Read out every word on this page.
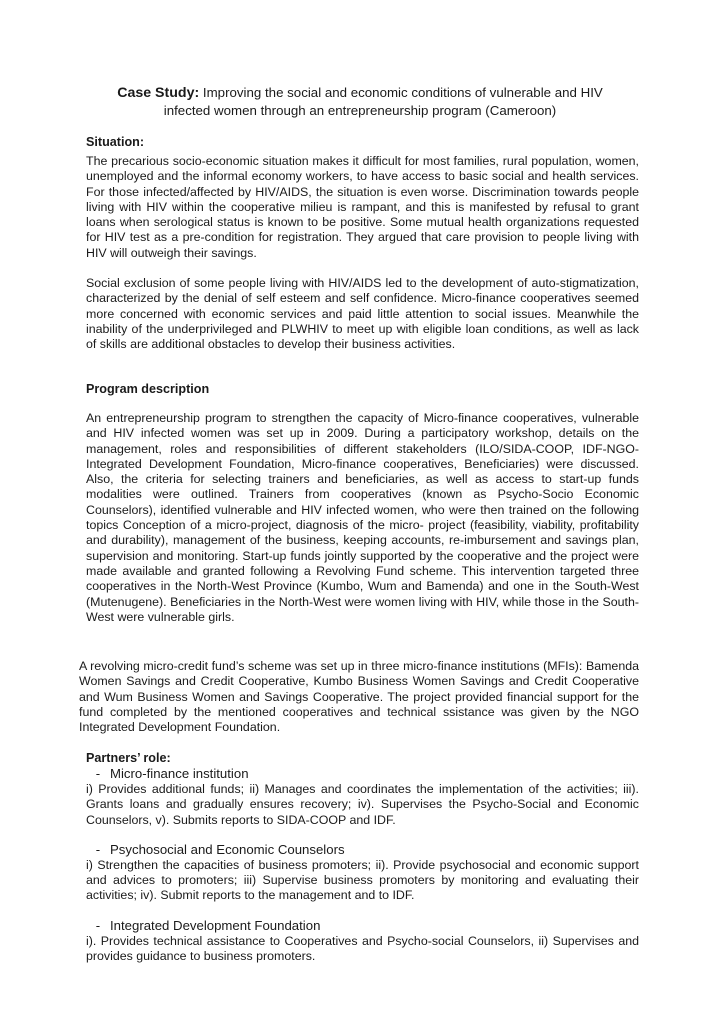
Case Study: Improving the social and economic conditions of vulnerable and HIV
infected women through an entrepreneurship program (Cameroon)
Situation:

The precarious socio-economic situation makes it difficult for most families, rural population, women, unemployed and the informal economy workers, to have access to basic social and health services. For those infected/affected by HIV/AIDS, the situation is even worse. Discrimination towards people living with HIV within the cooperative milieu is rampant, and this is manifested by refusal to grant loans when serological status is known to be positive. Some mutual health organizations requested for HIV test as a pre-condition for registration. They argued that care provision to people living with HIV will outweigh their savings.

Social exclusion of some people living with HIV/AIDS led to the development of auto-stigmatization, characterized by the denial of self esteem and self confidence. Micro-finance cooperatives seemed more concerned with economic services and paid little attention to social issues. Meanwhile the inability of the underprivileged and PLWHIV to meet up with eligible loan conditions, as well as lack of skills are additional obstacles to develop their business activities.

Program description

An entrepreneurship program to strengthen the capacity of Micro-finance cooperatives, vulnerable and HIV infected women was set up in 2009. During a participatory workshop, details on the management, roles and responsibilities of different stakeholders (ILO/SIDA-COOP, IDF-NGO-Integrated Development Foundation, Micro-finance cooperatives, Beneficiaries) were discussed. Also, the criteria for selecting trainers and beneficiaries, as well as access to start-up funds modalities were outlined. Trainers from cooperatives (known as Psycho-Socio Economic Counselors), identified vulnerable and HIV infected women, who were then trained on the following topics Conception of a micro-project, diagnosis of the micro- project (feasibility, viability, profitability and durability), management of the business, keeping accounts, re-imbursement and savings plan, supervision and monitoring. Start-up funds jointly supported by the cooperative and the project were made available and granted following a Revolving Fund scheme. This intervention targeted three cooperatives in the North-West Province (Kumbo, Wum and Bamenda) and one in the South-West (Mutenugene). Beneficiaries in the North-West were women living with HIV, while those in the South-West were vulnerable girls.

A revolving micro-credit fund’s scheme was set up in three micro-finance institutions (MFIs): Bamenda Women Savings and Credit Cooperative, Kumbo Business Women Savings and Credit Cooperative and Wum Business Women and Savings Cooperative. The project provided financial support for the fund completed by the mentioned cooperatives and technical ssistance was given by the NGO Integrated Development Foundation.

Partners’ role:
- Micro-finance institution

i) Provides additional funds; ii) Manages and coordinates the implementation of the activities; iii). Grants loans and gradually ensures recovery; iv). Supervises the Psycho-Social and Economic Counselors, v). Submits reports to SIDA-COOP and IDF.

- Psychosocial and Economic Counselors

i) Strengthen the capacities of business promoters; ii). Provide psychosocial and economic support and advices to promoters; iii) Supervise business promoters by monitoring and evaluating their activities; iv). Submit reports to the management and to IDF.

- Integrated Development Foundation

i). Provides technical assistance to Cooperatives and Psycho-social Counselors, ii) Supervises and provides guidance to business promoters.
